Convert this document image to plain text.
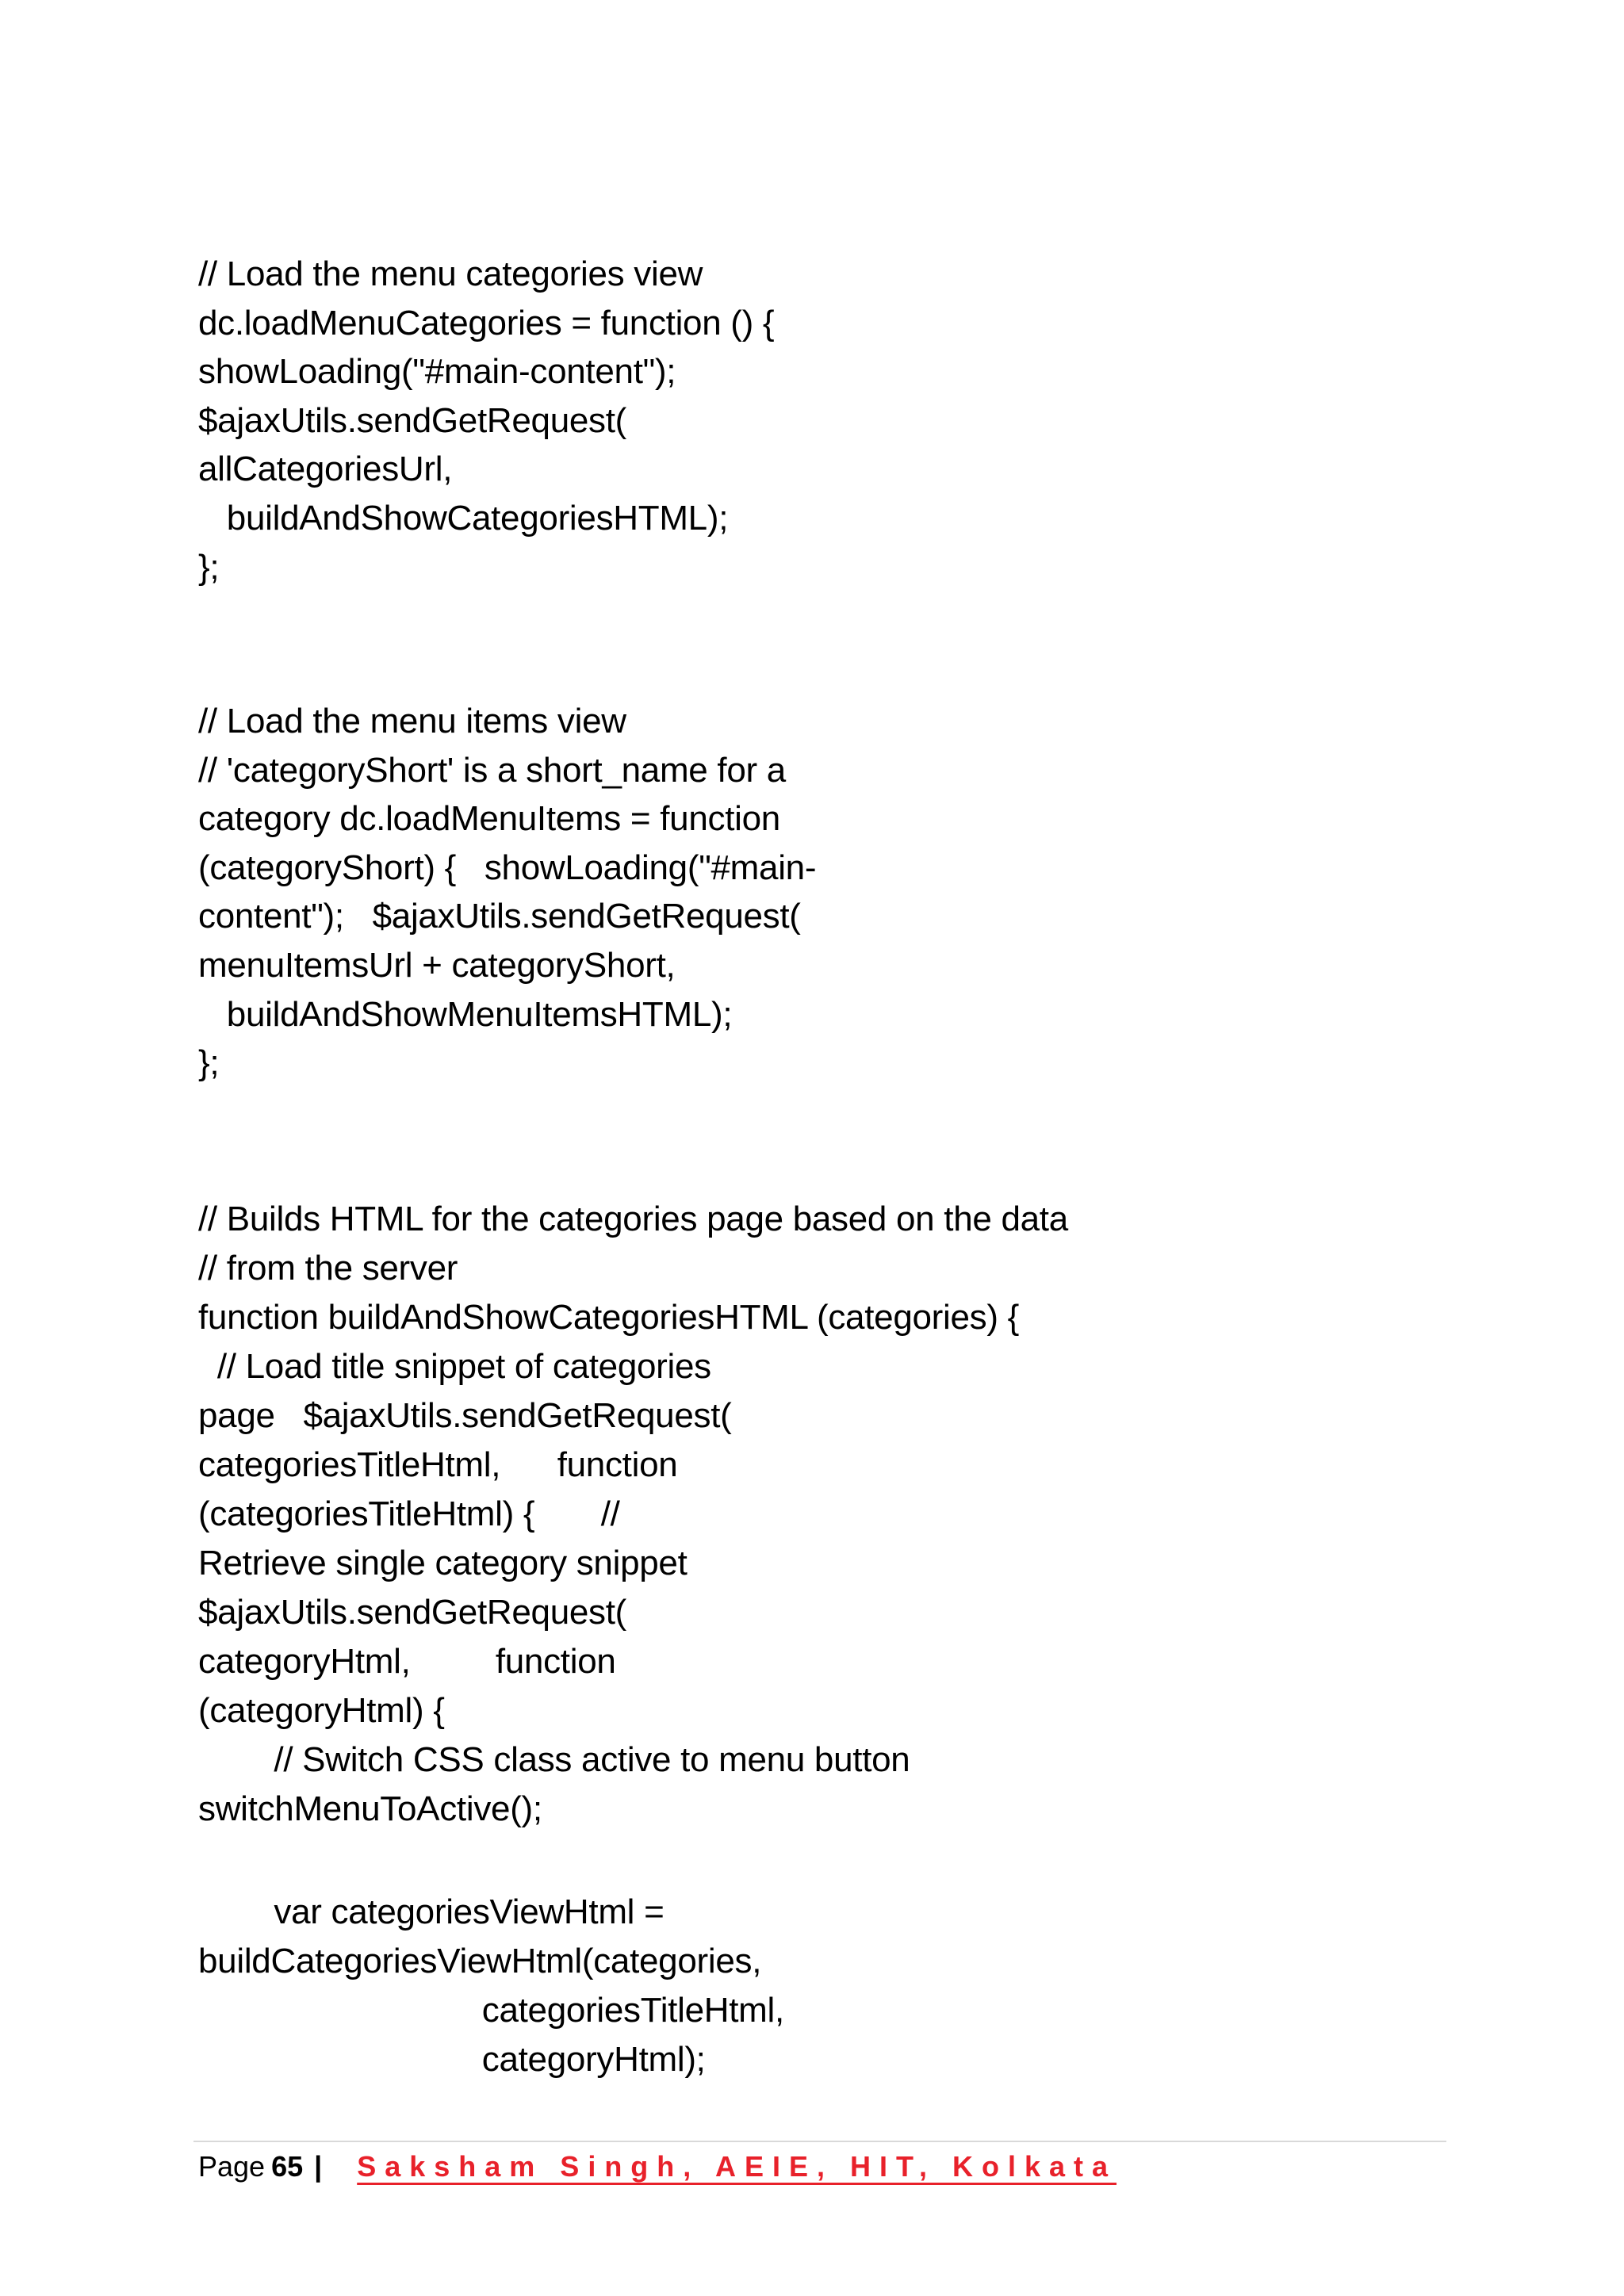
// Load the menu categories view
dc.loadMenuCategories = function () {
showLoading("#main-content");
$ajaxUtils.sendGetRequest(
allCategoriesUrl,
buildAndShowCategoriesHTML);
};
// Load the menu items view
// 'categoryShort' is a short_name for a
category dc.loadMenuItems = function
(categoryShort) {   showLoading("#main-
content");   $ajaxUtils.sendGetRequest(
menuItemsUrl + categoryShort,
buildAndShowMenuItemsHTML);
};
// Builds HTML for the categories page based on the data
// from the server
function buildAndShowCategoriesHTML (categories) {
// Load title snippet of categories
page   $ajaxUtils.sendGetRequest(
categoriesTitleHtml,      function
(categoriesTitleHtml) {       //
Retrieve single category snippet
$ajaxUtils.sendGetRequest(
categoryHtml,         function
(categoryHtml) {
// Switch CSS class active to menu button
switchMenuToActive();
var categoriesViewHtml =
buildCategoriesViewHtml(categories,
categoriesTitleHtml,
categoryHtml);
Page 65 | Saksham Singh, AEIE, HIT, Kolkata
